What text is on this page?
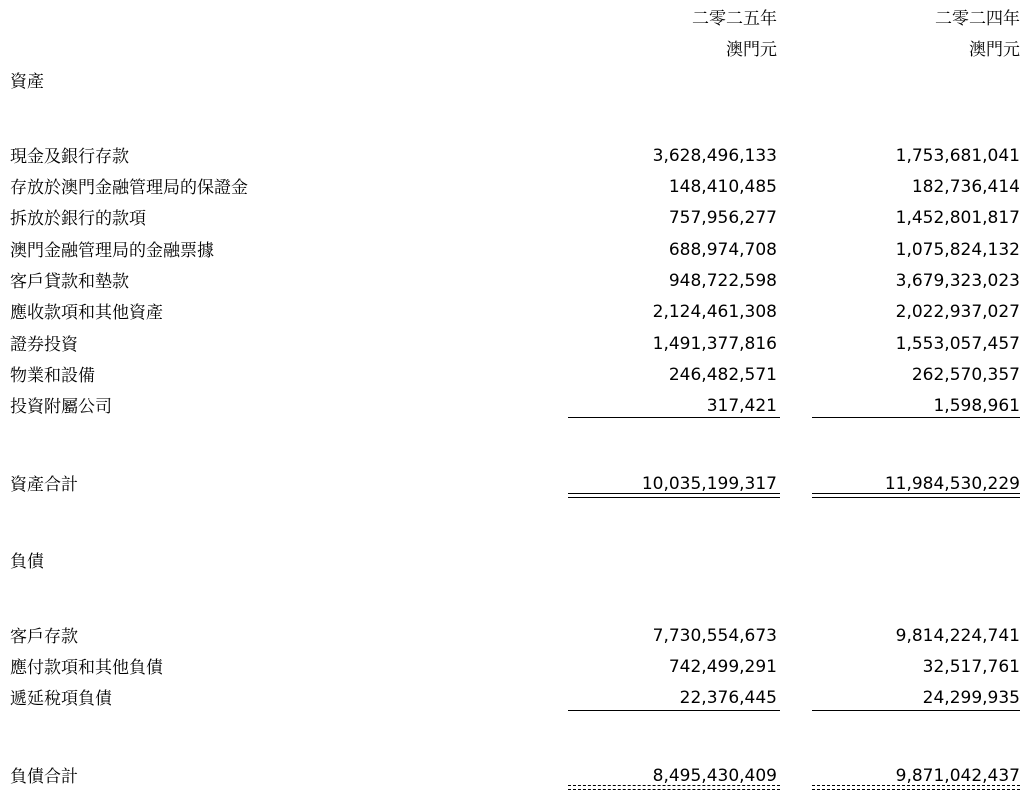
二零二五年	二零二四年
澳門元	澳門元
資產
現金及銀行存款	3,628,496,133	1,753,681,041
存放於澳門金融管理局的保證金	148,410,485	182,736,414
拆放於銀行的款項	757,956,277	1,452,801,817
澳門金融管理局的金融票據	688,974,708	1,075,824,132
客戶貸款和墊款	948,722,598	3,679,323,023
應收款項和其他資產	2,124,461,308	2,022,937,027
證券投資	1,491,377,816	1,553,057,457
物業和設備	246,482,571	262,570,357
投資附屬公司	317,421	1,598,961
資產合計	10,035,199,317	11,984,530,229
負債
客戶存款	7,730,554,673	9,814,224,741
應付款項和其他負債	742,499,291	32,517,761
遞延稅項負債	22,376,445	24,299,935
負債合計	8,495,430,409	9,871,042,437
